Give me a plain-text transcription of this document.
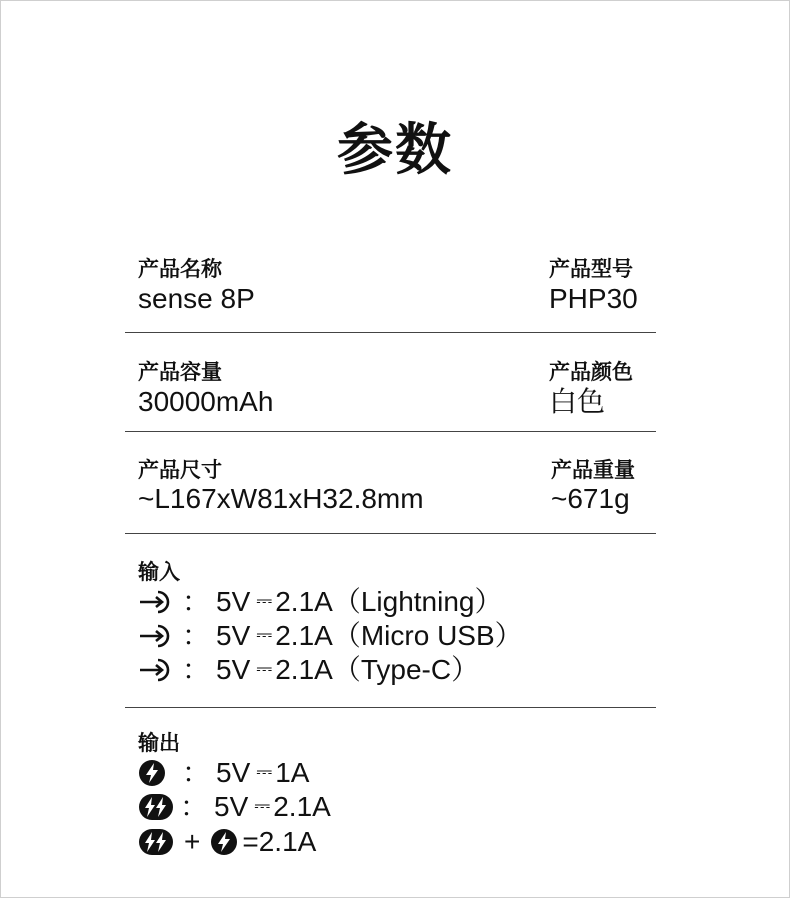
参数
产品名称
sense 8P
产品型号
PHP30
产品容量
30000mAh
产品颜色
白色
产品尺寸
~L167xW81xH32.8mm
产品重量
~671g
输入
： 5V ⎓ 2.1A （Lightning）
： 5V ⎓ 2.1A （Micro USB）
： 5V ⎓ 2.1A （Type-C）
输出
： 5V ⎓ 1A
： 5V ⎓ 2.1A
+ =2.1A
